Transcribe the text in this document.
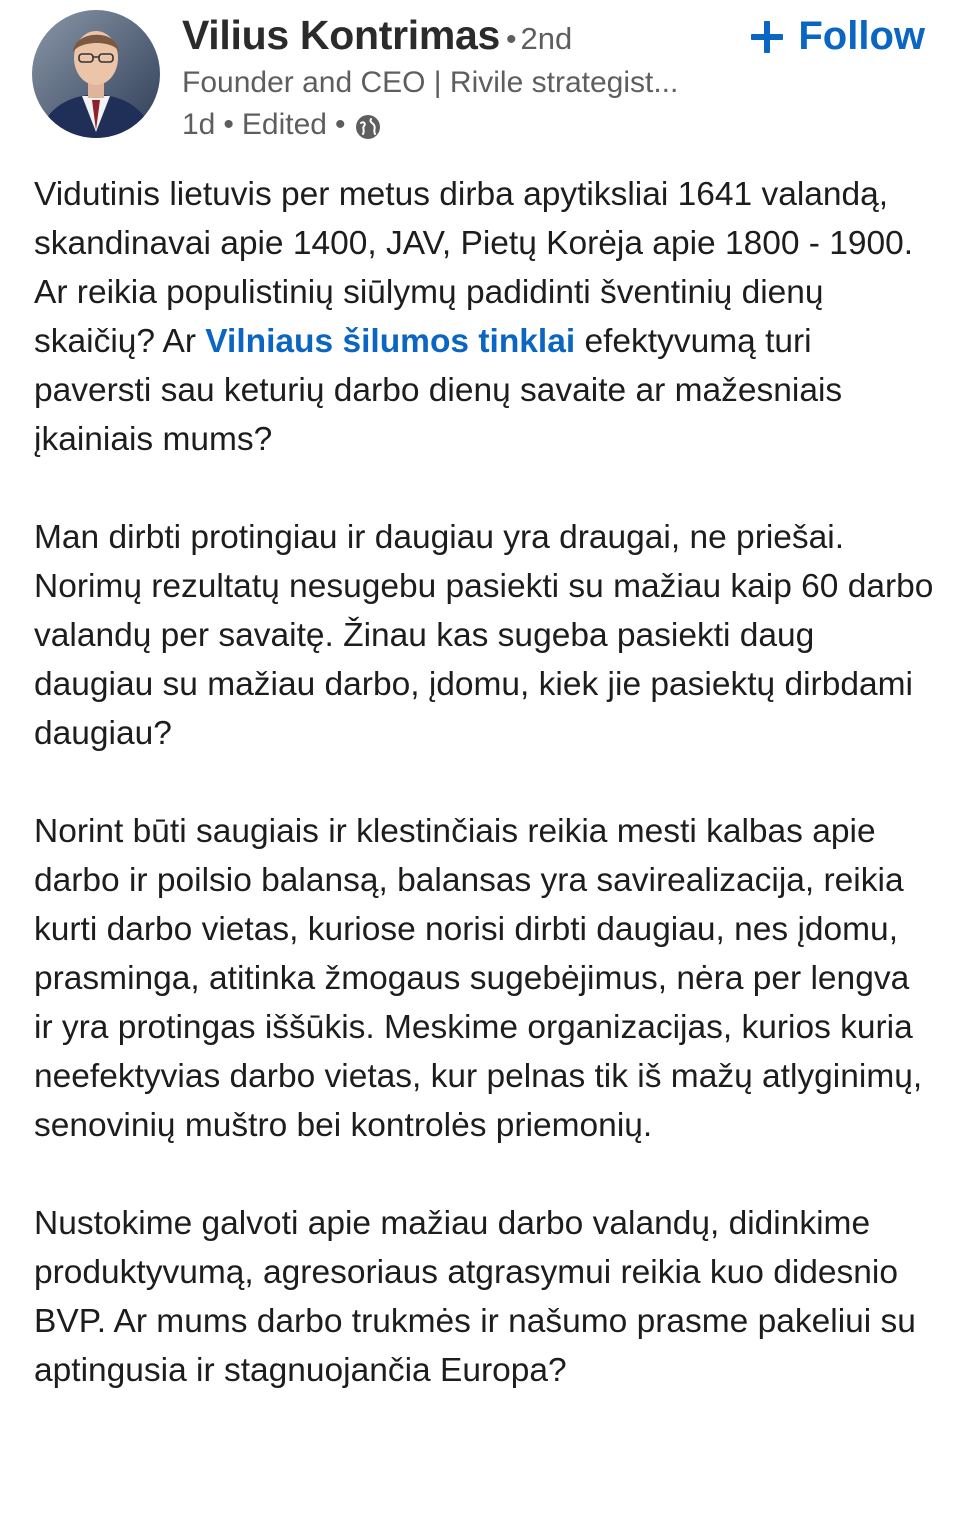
Vilius Kontrimas • 2nd
Founder and CEO | Rivile strategist...
1d • Edited •
Follow

Vidutinis lietuvis per metus dirba apytiksliai 1641 valandą, skandinavai apie 1400, JAV, Pietų Korėja apie 1800 - 1900. Ar reikia populistinių siūlymų padidinti šventinių dienų skaičių? Ar Vilniaus šilumos tinklai efektyvumą turi paversti sau keturių darbo dienų savaite ar mažesniais įkainiais mums?

Man dirbti protingiau ir daugiau yra draugai, ne priešai. Norimų rezultatų nesugebu pasiekti su mažiau kaip 60 darbo valandų per savaitę. Žinau kas sugeba pasiekti daug daugiau su mažiau darbo, įdomu, kiek jie pasiektų dirbdami daugiau?

Norint būti saugiais ir klestinčiais reikia mesti kalbas apie darbo ir poilsio balansą, balansas yra savirealizacija, reikia kurti darbo vietas, kuriose norisi dirbti daugiau, nes įdomu, prasminga, atitinka žmogaus sugebėjimus, nėra per lengva ir yra protingas iššūkis. Meskime organizacijas, kurios kuria neefektyvias darbo vietas, kur pelnas tik iš mažų atlyginimų, senovinių muštro bei kontrolės priemonių.

Nustokime galvoti apie mažiau darbo valandų, didinkime produktyvumą, agresoriaus atgrasymui reikia kuo didesnio BVP. Ar mums darbo trukmės ir našumo prasme pakeliui su aptingusia ir stagnuojančia Europa?
